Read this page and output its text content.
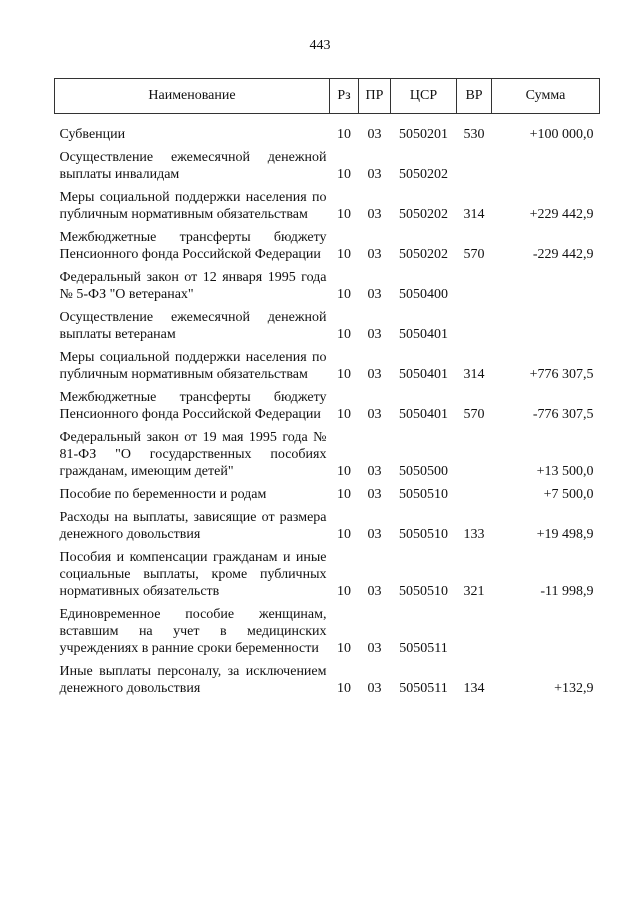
443
Наименование	Рз	ПР	ЦСР	ВР	Сумма

Субвенции	10	03	5050201	530	+100 000,0
Осуществление ежемесячной денежной выплаты инвалидам	10	03	5050202		
Меры социальной поддержки населения по публичным нормативным обязательствам	10	03	5050202	314	+229 442,9
Межбюджетные трансферты бюджету Пенсионного фонда Российской Федерации	10	03	5050202	570	-229 442,9
Федеральный закон от 12 января 1995 года № 5-ФЗ "О ветеранах"	10	03	5050400		
Осуществление ежемесячной денежной выплаты ветеранам	10	03	5050401		
Меры социальной поддержки населения по публичным нормативным обязательствам	10	03	5050401	314	+776 307,5
Межбюджетные трансферты бюджету Пенсионного фонда Российской Федерации	10	03	5050401	570	-776 307,5
Федеральный закон от 19 мая 1995 года № 81-ФЗ "О государственных пособиях гражданам, имеющим детей"	10	03	5050500		+13 500,0
Пособие по беременности и родам	10	03	5050510		+7 500,0
Расходы на выплаты, зависящие от размера денежного довольствия	10	03	5050510	133	+19 498,9
Пособия и компенсации гражданам и иные социальные выплаты, кроме публичных нормативных обязательств	10	03	5050510	321	-11 998,9
Единовременное пособие женщинам, вставшим на учет в медицинских учреждениях в ранние сроки беременности	10	03	5050511		
Иные выплаты персоналу, за исключением денежного довольствия	10	03	5050511	134	+132,9
